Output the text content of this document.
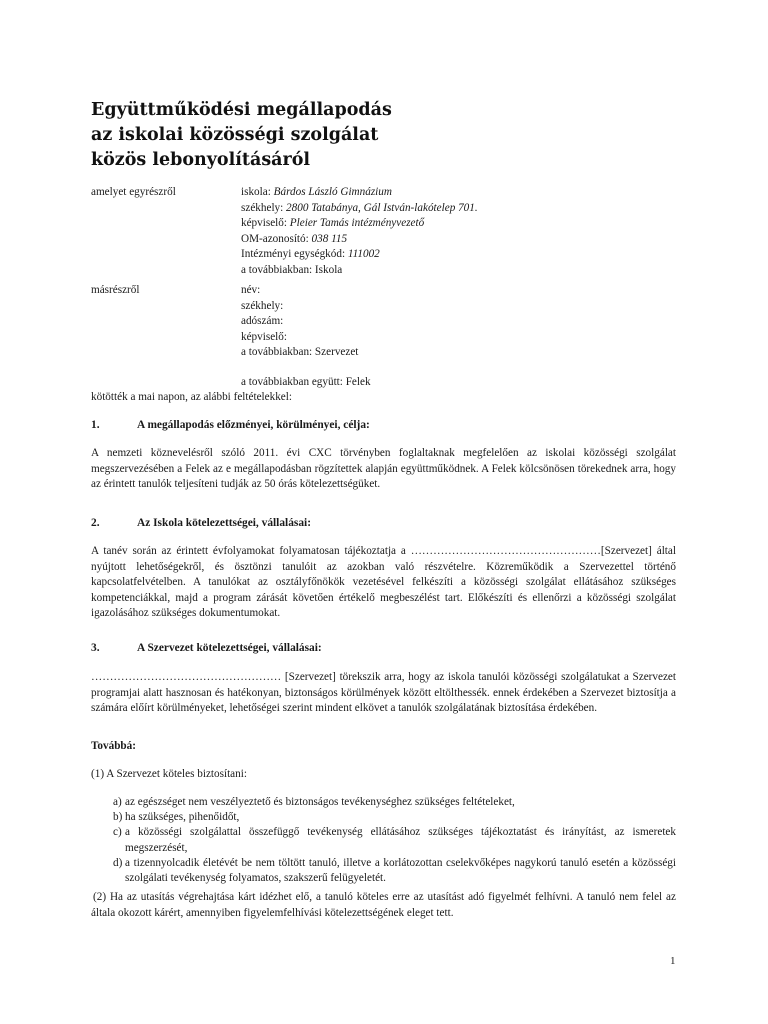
Együttműködési megállapodás
az iskolai közösségi szolgálat
közös lebonyolításáról
amelyet egyrészről	iskola: Bárdos László Gimnázium
székhely: 2800 Tatabánya, Gál István-lakótelep 701.
képviselő: Pleier Tamás intézményvezető
OM-azonosító: 038 115
Intézményi egységkód: 111002
a továbbiakban: Iskola
másrészről	név:
székhely:
adószám:
képviselő:
a továbbiakban: Szervezet
a továbbiakban együtt: Felek
kötötték a mai napon, az alábbi feltételekkel:
1.	A megállapodás előzményei, körülményei, célja:
A nemzeti köznevelésről szóló 2011. évi CXC törvényben foglaltaknak megfelelően az iskolai közösségi szolgálat megszervezésében a Felek az e megállapodásban rögzítettek alapján együttműködnek. A Felek kölcsönösen törekednek arra, hogy az érintett tanulók teljesíteni tudják az 50 órás kötelezettségüket.
2.	Az Iskola kötelezettségei, vállalásai:
A tanév során az érintett évfolyamokat folyamatosan tájékoztatja a ……………………………………………[Szervezet] által nyújtott lehetőségekről, és ösztönzi tanulóit az azokban való részvételre. Közreműködik a Szervezettel történő kapcsolatfelvételben. A tanulókat az osztályfőnökök vezetésével felkészíti a közösségi szolgálat ellátásához szükséges kompetenciákkal, majd a program zárását követően értékelő megbeszélést tart. Előkészíti és ellenőrzi a közösségi szolgálat igazolásához szükséges dokumentumokat.
3.	A Szervezet kötelezettségei, vállalásai:
…………………………………………… [Szervezet] törekszik arra, hogy az iskola tanulói közösségi szolgálatukat a Szervezet programjai alatt hasznosan és hatékonyan, biztonságos körülmények között eltölthessék. ennek érdekében a Szervezet biztosítja a számára előírt körülményeket, lehetőségei szerint mindent elkövet a tanulók szolgálatának biztosítása érdekében.
Továbbá:
(1) A Szervezet köteles biztosítani:
a) az egészséget nem veszélyeztető és biztonságos tevékenységhez szükséges feltételeket,
b) ha szükséges, pihenőidőt,
c) a közösségi szolgálattal összefüggő tevékenység ellátásához szükséges tájékoztatást és irányítást, az ismeretek megszerzését,
d) a tizennyolcadik életévét be nem töltött tanuló, illetve a korlátozottan cselekvőképes nagykorú tanuló esetén a közösségi szolgálati tevékenység folyamatos, szakszerű felügyeletét.
(2) Ha az utasítás végrehajtása kárt idézhet elő, a tanuló köteles erre az utasítást adó figyelmét felhívni. A tanuló nem felel az általa okozott kárért, amennyiben figyelemfelhívási kötelezettségének eleget tett.
1
